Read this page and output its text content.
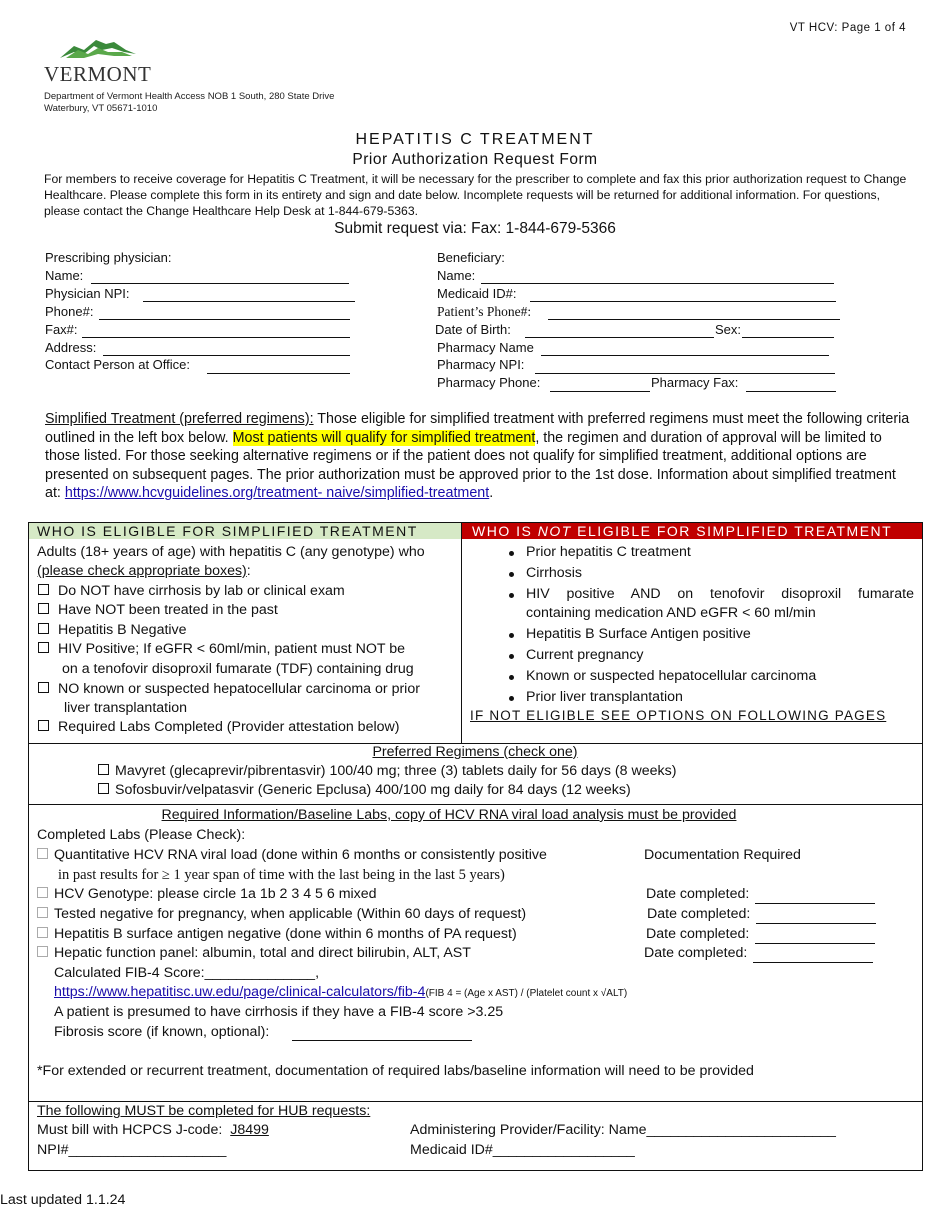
VT HCV: Page 1 of 4
VERMONT
Department of Vermont Health Access NOB 1 South, 280 State Drive
Waterbury, VT 05671-1010
HEPATITIS C TREATMENT
Prior Authorization Request Form
For members to receive coverage for Hepatitis C Treatment, it will be necessary for the prescriber to complete and fax this prior authorization request to Change Healthcare. Please complete this form in its entirety and sign and date below. Incomplete requests will be returned for additional information. For questions, please contact the Change Healthcare Help Desk at 1-844-679-5363.
Submit request via: Fax: 1-844-679-5366
Prescribing physician:
Name:
Physician NPI:
Phone#:
Fax#:
Address:
Contact Person at Office:
Beneficiary:
Name:
Medicaid ID#:
Patient’s Phone#:
Date of Birth:	Sex:
Pharmacy Name
Pharmacy NPI:
Pharmacy Phone:	Pharmacy Fax:
Simplified Treatment (preferred regimens): Those eligible for simplified treatment with preferred regimens must meet the following criteria outlined in the left box below. Most patients will qualify for simplified treatment, the regimen and duration of approval will be limited to those listed. For those seeking alternative regimens or if the patient does not qualify for simplified treatment, additional options are presented on subsequent pages. The prior authorization must be approved prior to the 1st dose. Information about simplified treatment at: https://www.hcvguidelines.org/treatment- naive/simplified-treatment.
WHO IS ELIGIBLE FOR SIMPLIFIED TREATMENT	WHO IS NOT ELIGIBLE FOR SIMPLIFIED TREATMENT
Adults (18+ years of age) with hepatitis C (any genotype) who
(please check appropriate boxes):
Do NOT have cirrhosis by lab or clinical exam
Have NOT been treated in the past
Hepatitis B Negative
HIV Positive; If eGFR < 60ml/min, patient must NOT be
on a tenofovir disoproxil fumarate (TDF) containing drug
NO known or suspected hepatocellular carcinoma or prior
liver transplantation
Required Labs Completed (Provider attestation below)
Prior hepatitis C treatment
Cirrhosis
HIV positive AND on tenofovir disoproxil fumarate
containing medication AND eGFR < 60 ml/min
Hepatitis B Surface Antigen positive
Current pregnancy
Known or suspected hepatocellular carcinoma
Prior liver transplantation
IF NOT ELIGIBLE SEE OPTIONS ON FOLLOWING PAGES
Preferred Regimens (check one)
Mavyret (glecaprevir/pibrentasvir) 100/40 mg; three (3) tablets daily for 56 days (8 weeks)
Sofosbuvir/velpatasvir (Generic Epclusa) 400/100 mg daily for 84 days (12 weeks)
Required Information/Baseline Labs, copy of HCV RNA viral load analysis must be provided
Completed Labs (Please Check):
Quantitative HCV RNA viral load (done within 6 months or consistently positive	Documentation Required
in past results for ≥ 1 year span of time with the last being in the last 5 years)
HCV Genotype: please circle 1a 1b 2 3 4 5 6 mixed	Date completed:
Tested negative for pregnancy, when applicable (Within 60 days of request)	Date completed:
Hepatitis B surface antigen negative (done within 6 months of PA request)	Date completed:
Hepatic function panel: albumin, total and direct bilirubin, ALT, AST	Date completed:
Calculated FIB-4 Score:______________,
https://www.hepatitisc.uw.edu/page/clinical-calculators/fib-4(FIB 4 = (Age x AST) / (Platelet count x √ALT)
A patient is presumed to have cirrhosis if they have a FIB-4 score >3.25
Fibrosis score (if known, optional):
*For extended or recurrent treatment, documentation of required labs/baseline information will need to be provided
The following MUST be completed for HUB requests:
Must bill with HCPCS J-code: J8499	Administering Provider/Facility: Name________________________
NPI#____________________	Medicaid ID#__________________
Last updated 1.1.24
